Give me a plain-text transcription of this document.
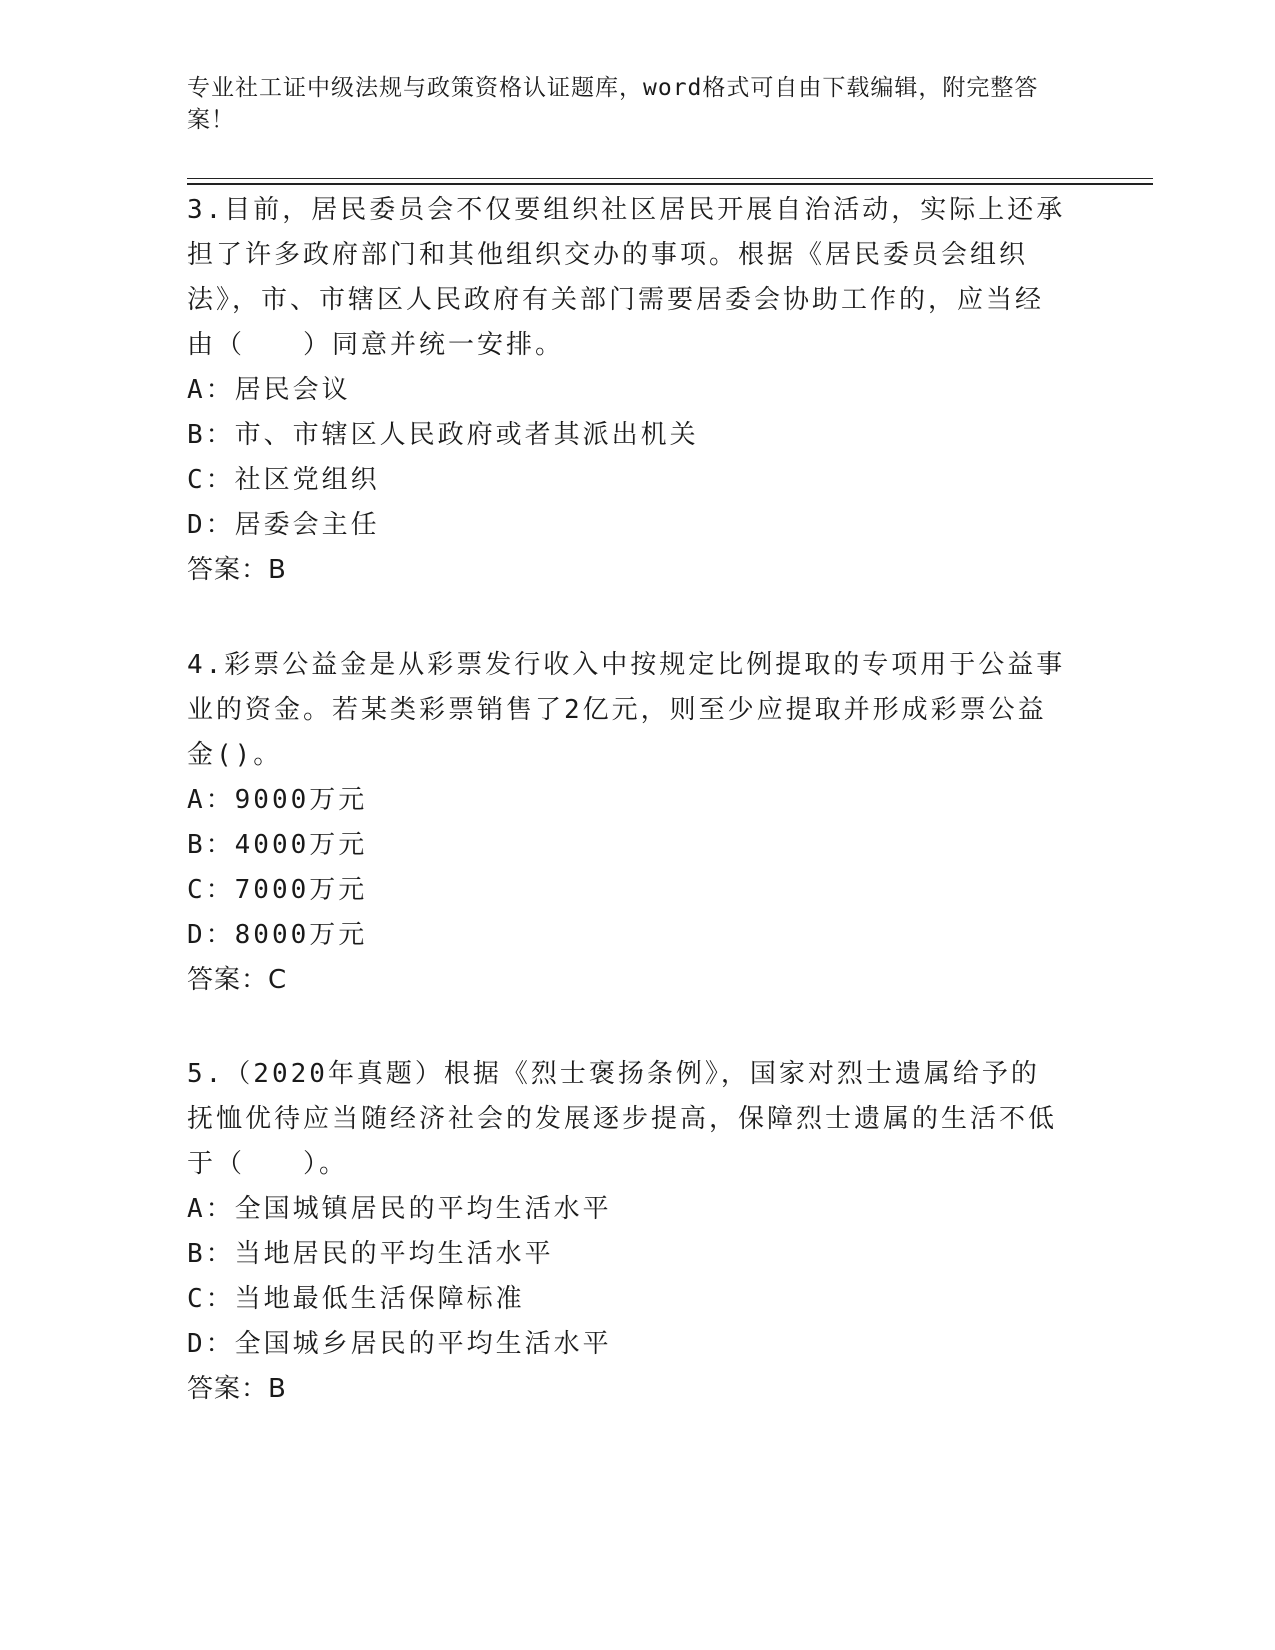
专业社工证中级法规与政策资格认证题库，word格式可自由下载编辑，附完整答案！

3.目前，居民委员会不仅要组织社区居民开展自治活动，实际上还承担了许多政府部门和其他组织交办的事项。根据《居民委员会组织法》，市、市辖区人民政府有关部门需要居委会协助工作的，应当经由（　　）同意并统一安排。

A：居民会议

B：市、市辖区人民政府或者其派出机关

C：社区党组织

D：居委会主任

答案：B

4.彩票公益金是从彩票发行收入中按规定比例提取的专项用于公益事业的资金。若某类彩票销售了2亿元，则至少应提取并形成彩票公益金()。

A：9000万元

B：4000万元

C：7000万元

D：8000万元

答案：C

5.（2020年真题）根据《烈士褒扬条例》，国家对烈士遗属给予的抚恤优待应当随经济社会的发展逐步提高，保障烈士遗属的生活不低于（　　）。

A：全国城镇居民的平均生活水平

B：当地居民的平均生活水平

C：当地最低生活保障标准

D：全国城乡居民的平均生活水平

答案：B
